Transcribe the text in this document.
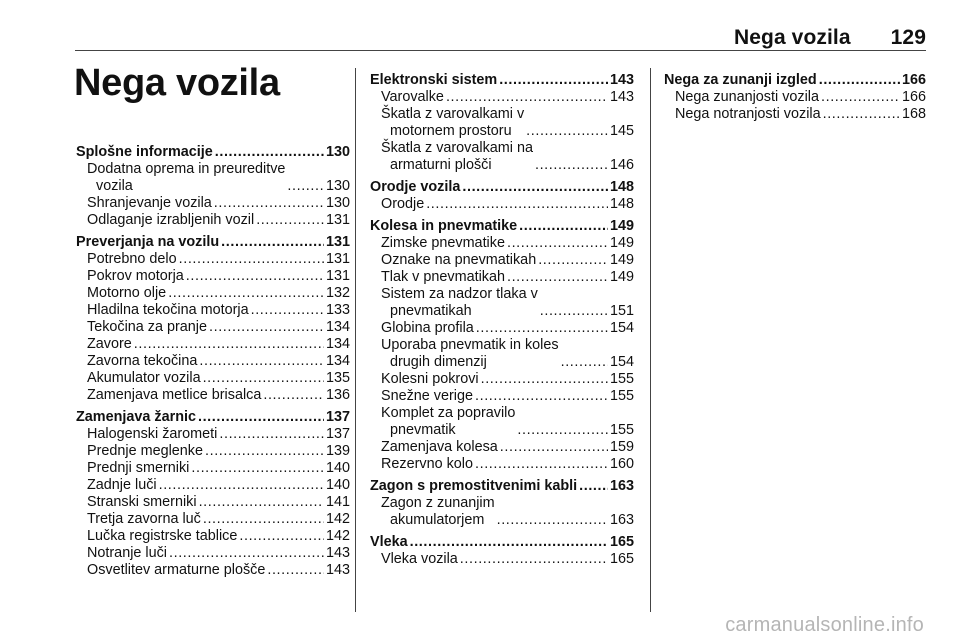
Nega vozila 129
Nega vozila
Splošne informacije .....	130
Dodatna oprema in preureditve
vozila .....	130
Shranjevanje vozila .....	130
Odlaganje izrabljenih vozil .....	131
Preverjanja na vozilu .....	131
Potrebno delo .....	131
Pokrov motorja .....	131
Motorno olje .....	132
Hladilna tekočina motorja .....	133
Tekočina za pranje .....	134
Zavore .....	134
Zavorna tekočina .....	134
Akumulator vozila .....	135
Zamenjava metlice brisalca .....	136
Zamenjava žarnic .....	137
Halogenski žarometi .....	137
Prednje meglenke .....	139
Prednji smerniki .....	140
Zadnje luči .....	140
Stranski smerniki .....	141
Tretja zavorna luč .....	142
Lučka registrske tablice .....	142
Notranje luči .....	143
Osvetlitev armaturne plošče .....	143
Elektronski sistem .....	143
Varovalke .....	143
Škatla z varovalkami v
motornem prostoru .....	145
Škatla z varovalkami na
armaturni plošči .....	146
Orodje vozila .....	148
Orodje .....	148
Kolesa in pnevmatike .....	149
Zimske pnevmatike .....	149
Oznake na pnevmatikah .....	149
Tlak v pnevmatikah .....	149
Sistem za nadzor tlaka v
pnevmatikah .....	151
Globina profila .....	154
Uporaba pnevmatik in koles
drugih dimenzij .....	154
Kolesni pokrovi .....	155
Snežne verige .....	155
Komplet za popravilo
pnevmatik .....	155
Zamenjava kolesa .....	159
Rezervno kolo .....	160
Zagon s premostitvenimi kabli ..... 163
Zagon z zunanjim
akumulatorjem .....	163
Vleka .....	165
Vleka vozila .....	165
Nega za zunanji izgled .....	166
Nega zunanjosti vozila .....	166
Nega notranjosti vozila .....	168
carmanualsonline.info
